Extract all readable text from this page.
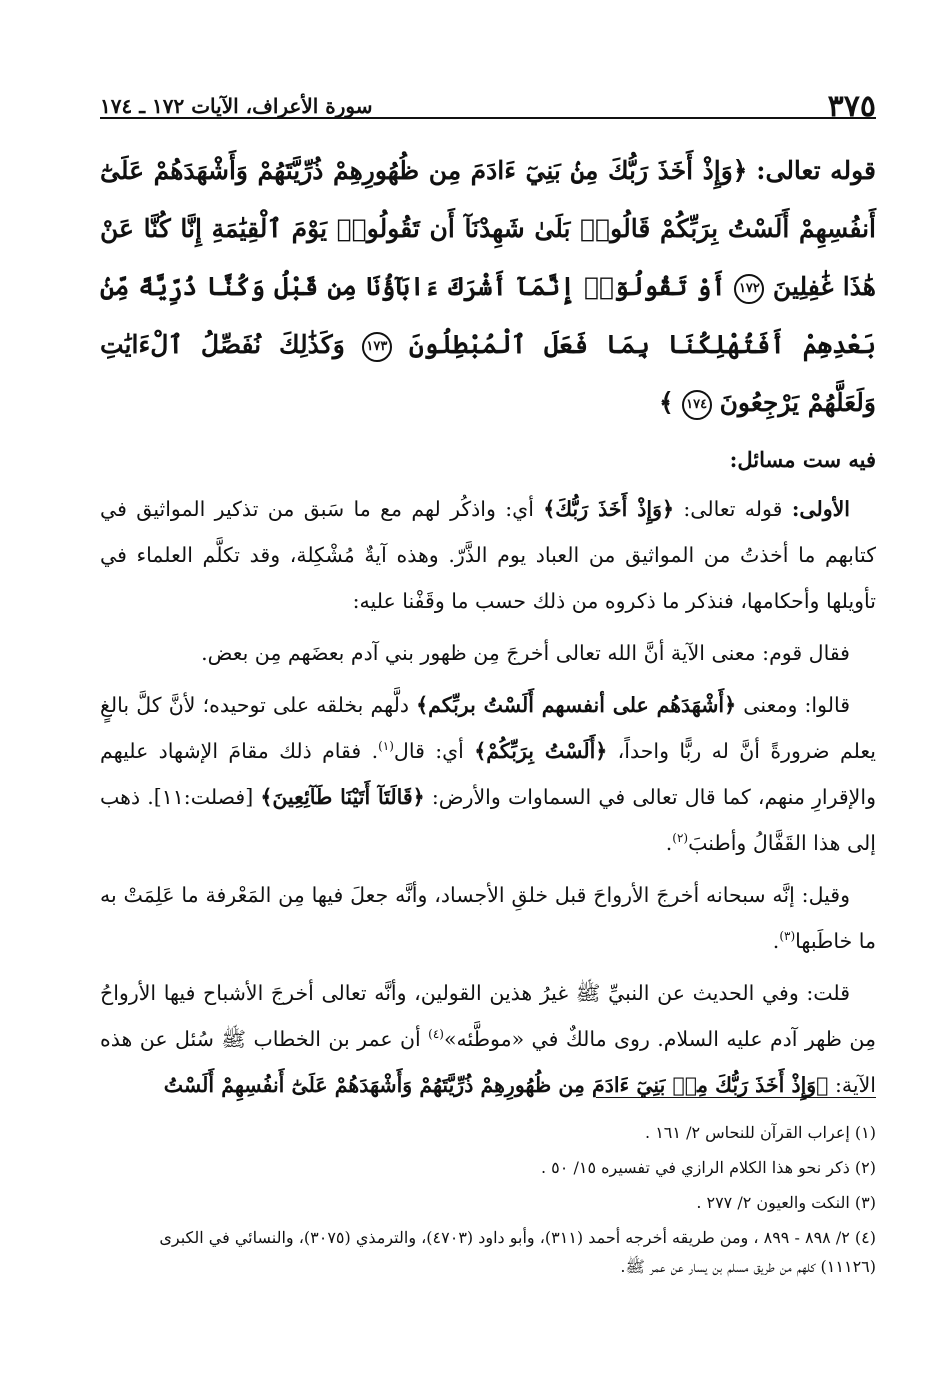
٣٧٥
سورة الأعراف، الآيات ١٧٢ ـ ١٧٤
قوله تعالى: ﴿وَإِذْ أَخَذَ رَبُّكَ مِنۢ بَنِيٓ ءَادَمَ مِن ظُهُورِهِمْ ذُرِّيَّتَهُمْ وَأَشْهَدَهُمْ عَلَىٰٓ أَنفُسِهِمْ أَلَسْتُ بِرَبِّكُمْ قَالُوا۟ بَلَىٰ شَهِدْنَآ أَن تَقُولُوا۟ يَوْمَ ٱلْقِيَٰمَةِ إِنَّا كُنَّا عَنْ هَٰذَا غَٰفِلِينَ ١٧٢ أَوْ تَقُولُوٓا۟ إِنَّمَآ أَشْرَكَ ءَابَآؤُنَا مِن قَبْلُ وَكُنَّا ذُرِّيَّةً مِّنۢ بَعْدِهِمْ أَفَتُهْلِكُنَا بِمَا فَعَلَ ٱلْمُبْطِلُونَ ١٧٣ وَكَذَٰلِكَ نُفَصِّلُ ٱلْءَايَٰتِ وَلَعَلَّهُمْ يَرْجِعُونَ ١٧٤ ﴾
فيه ست مسائل:

الأولى: قوله تعالى: ﴿وَإِذْ أَخَذَ رَبُّكَ﴾ أي: واذكُر لهم مع ما سَبق من تذكير المواثيق في كتابهم ما أخذتُ من المواثيق من العباد يوم الذَّرّ. وهذه آيةٌ مُشْكِلة، وقد تكلَّم العلماء في تأويلها وأحكامها، فنذكر ما ذكروه من ذلك حسب ما وقَفْنا عليه:

فقال قوم: معنى الآية أنَّ الله تعالى أخرجَ مِن ظهور بني آدم بعضَهم مِن بعض.

قالوا: ومعنى ﴿أَشْهَدَهُم على أنفسهم أَلَسْتُ بربِّكم﴾ دلَّهم بخلقه على توحيده؛ لأنَّ كلَّ بالغٍ يعلم ضرورةً أنَّ له ربًّا واحداً، ﴿أَلَسْتُ بِرَبِّكُمْ﴾ أي: قال$^{(١)}$. فقام ذلك مقامَ الإشهاد عليهم والإقرارِ منهم، كما قال تعالى في السماوات والأرض: ﴿قَالَتَآ أَتَيْنَا طَآئِعِينَ﴾ [فصلت:١١]. ذهب إلى هذا القَفَّالُ وأطنبَ$^{(٢)}$.

وقيل: إنَّه سبحانه أخرجَ الأرواحَ قبل خلقِ الأجساد، وأنَّه جعلَ فيها مِن المَعْرفة ما عَلِمَتْ به ما خاطَبها$^{(٣)}$.

قلت: وفي الحديث عن النبيِّ ﷺ غيرُ هذين القولين، وأنَّه تعالى أخرجَ الأشباح فيها الأرواحُ مِن ظهر آدم عليه السلام. روى مالكٌ في «موطَّئه»$^{(٤)}$ أن عمر بن الخطاب ﷺ سُئل عن هذه الآية: ﴿وَإِذْ أَخَذَ رَبُّكَ مِنۢ بَنِيٓ ءَادَمَ مِن ظُهُورِهِمْ ذُرِّيَّتَهُمْ وَأَشْهَدَهُمْ عَلَىٰٓ أَنفُسِهِمْ أَلَسْتُ

(١) إعراب القرآن للنحاس ٢/ ١٦١ .
(٢) ذكر نحو هذا الكلام الرازي في تفسيره ١٥/ ٥٠ .
(٣) النكت والعيون ٢/ ٢٧٧ .
(٤) ٢/ ٨٩٨ - ٨٩٩ ، ومن طريقه أخرجه أحمد (٣١١)، وأبو داود (٤٧٠٣)، والترمذي (٣٠٧٥)، والنسائي في الكبرى (١١١٢٦) كلهم من طريق مسلم بن يسار عن عمر ﷺ.
